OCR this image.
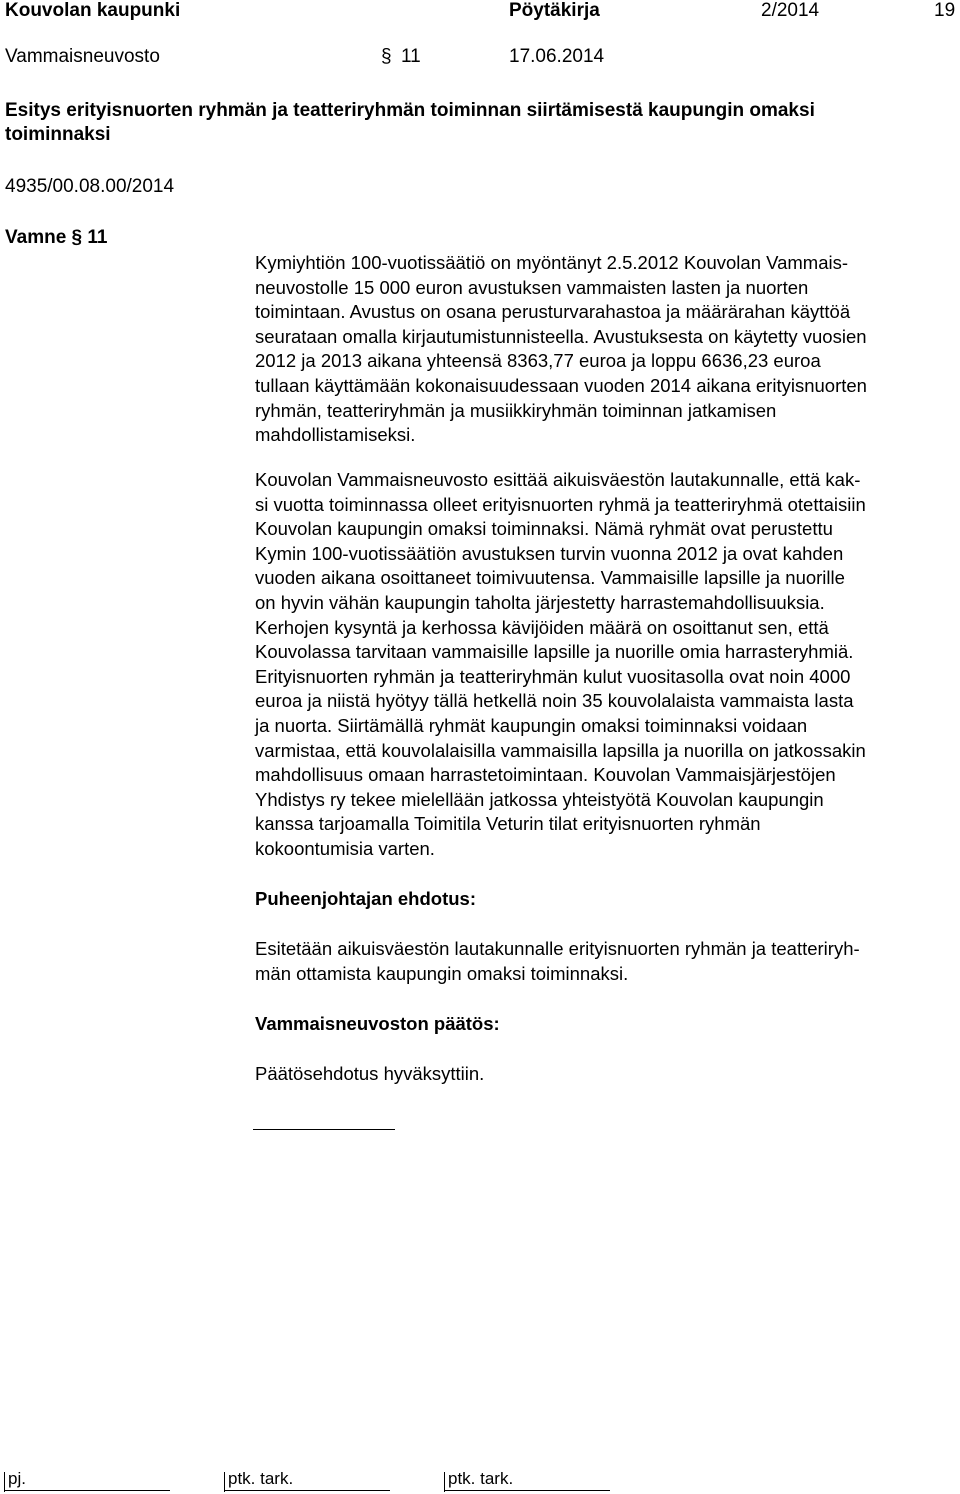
Kouvolan kaupunki	Pöytäkirja	2/2014	19
Vammaisneuvosto	§ 11	17.06.2014
Esitys erityisnuorten ryhmän ja teatteriryhmän toiminnan siirtämisestä kaupungin omaksi
toiminnaksi
4935/00.08.00/2014
Vamne § 11
Kymiyhtiön 100-vuotissäätiö on myöntänyt 2.5.2012 Kouvolan Vammais-
neuvostolle 15 000 euron avustuksen vammaisten lasten ja nuorten
toimintaan. Avustus on osana perusturvarahastoa ja määrärahan käyttöä
seurataan omalla kirjautumistunnisteella. Avustuksesta on käytetty vuosien
2012 ja 2013 aikana yhteensä 8363,77 euroa ja loppu 6636,23 euroa
tullaan käyttämään kokonaisuudessaan vuoden 2014 aikana erityisnuorten
ryhmän, teatteriryhmän ja musiikkiryhmän toiminnan jatkamisen
mahdollistamiseksi.
Kouvolan Vammaisneuvosto esittää aikuisväestön lautakunnalle, että kak-
si vuotta toiminnassa olleet erityisnuorten ryhmä ja teatteriryhmä otettaisiin
Kouvolan kaupungin omaksi toiminnaksi. Nämä ryhmät ovat perustettu
Kymin 100-vuotissäätiön avustuksen turvin vuonna 2012 ja ovat kahden
vuoden aikana osoittaneet toimivuutensa. Vammaisille lapsille ja nuorille
on hyvin vähän kaupungin taholta järjestetty harrastemahdollisuuksia.
Kerhojen kysyntä ja kerhossa kävijöiden määrä on osoittanut sen, että
Kouvolassa tarvitaan vammaisille lapsille ja nuorille omia harrasteryhmiä.
Erityisnuorten ryhmän ja teatteriryhmän kulut vuositasolla ovat noin 4000
euroa ja niistä hyötyy tällä hetkellä noin 35 kouvolalaista vammaista lasta
ja nuorta. Siirtämällä ryhmät kaupungin omaksi toiminnaksi voidaan
varmistaa, että kouvolalaisilla vammaisilla lapsilla ja nuorilla on jatkossakin
mahdollisuus omaan harrastetoimintaan. Kouvolan Vammaisjärjestöjen
Yhdistys ry tekee mielellään jatkossa yhteistyötä Kouvolan kaupungin
kanssa tarjoamalla Toimitila Veturin tilat erityisnuorten ryhmän
kokoontumisia varten.
Puheenjohtajan ehdotus:
Esitetään aikuisväestön lautakunnalle erityisnuorten ryhmän ja teatteriryh-
män ottamista kaupungin omaksi toiminnaksi.
Vammaisneuvoston päätös:
Päätösehdotus hyväksyttiin.
pj.	ptk. tark.	ptk. tark.
